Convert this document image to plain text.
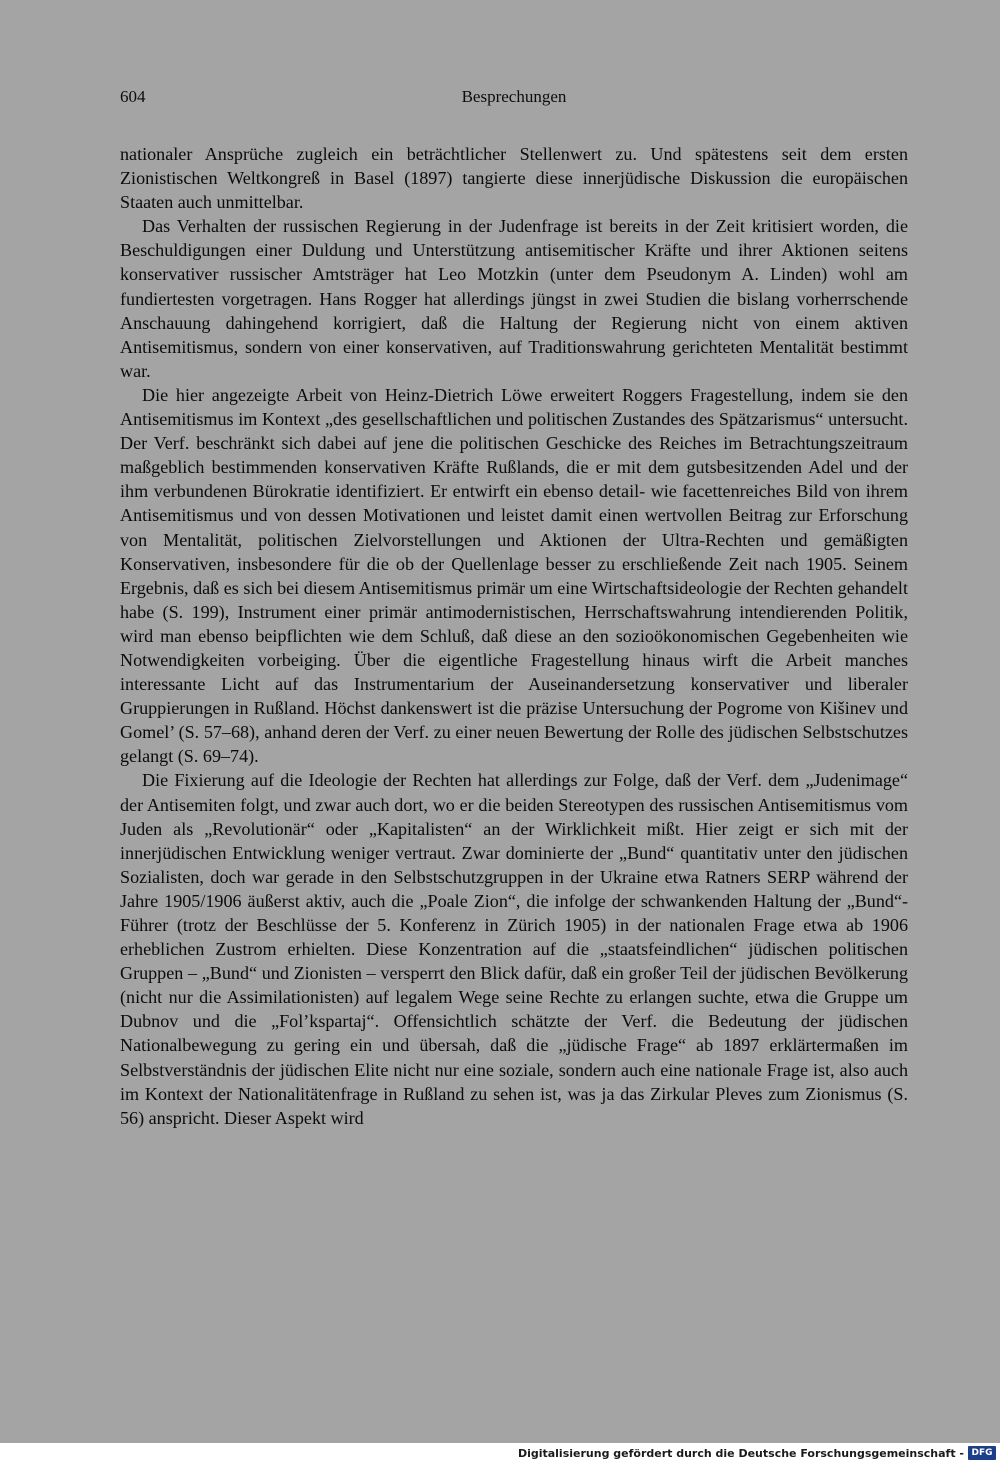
604	Besprechungen

nationaler Ansprüche zugleich ein beträchtlicher Stellenwert zu. Und spätestens seit dem ersten Zionistischen Weltkongreß in Basel (1897) tangierte diese innerjüdische Diskussion die europäischen Staaten auch unmittelbar.

Das Verhalten der russischen Regierung in der Judenfrage ist bereits in der Zeit kritisiert worden, die Beschuldigungen einer Duldung und Unterstützung antisemitischer Kräfte und ihrer Aktionen seitens konservativer russischer Amtsträger hat Leo Motzkin (unter dem Pseudonym A. Linden) wohl am fundiertesten vorgetragen. Hans Rogger hat allerdings jüngst in zwei Studien die bislang vorherrschende Anschauung dahingehend korrigiert, daß die Haltung der Regierung nicht von einem aktiven Antisemitismus, sondern von einer konservativen, auf Traditionswahrung gerichteten Mentalität bestimmt war.

Die hier angezeigte Arbeit von Heinz-Dietrich Löwe erweitert Roggers Fragestellung, indem sie den Antisemitismus im Kontext „des gesellschaftlichen und politischen Zustandes des Spätzarismus“ untersucht. Der Verf. beschränkt sich dabei auf jene die politischen Geschicke des Reiches im Betrachtungszeitraum maßgeblich bestimmenden konservativen Kräfte Rußlands, die er mit dem gutsbesitzenden Adel und der ihm verbundenen Bürokratie identifiziert. Er entwirft ein ebenso detail- wie facettenreiches Bild von ihrem Antisemitismus und von dessen Motivationen und leistet damit einen wertvollen Beitrag zur Erforschung von Mentalität, politischen Zielvorstellungen und Aktionen der Ultra-Rechten und gemäßigten Konservativen, insbesondere für die ob der Quellenlage besser zu erschließende Zeit nach 1905. Seinem Ergebnis, daß es sich bei diesem Antisemitismus primär um eine Wirtschaftsideologie der Rechten gehandelt habe (S. 199), Instrument einer primär antimodernistischen, Herrschaftswahrung intendierenden Politik, wird man ebenso beipflichten wie dem Schluß, daß diese an den sozioökonomischen Gegebenheiten wie Notwendigkeiten vorbeiging. Über die eigentliche Fragestellung hinaus wirft die Arbeit manches interessante Licht auf das Instrumentarium der Auseinandersetzung konservativer und liberaler Gruppierungen in Rußland. Höchst dankenswert ist die präzise Untersuchung der Pogrome von Kišinev und Gomel’ (S. 57–68), anhand deren der Verf. zu einer neuen Bewertung der Rolle des jüdischen Selbstschutzes gelangt (S. 69–74).

Die Fixierung auf die Ideologie der Rechten hat allerdings zur Folge, daß der Verf. dem „Judenimage“ der Antisemiten folgt, und zwar auch dort, wo er die beiden Stereotypen des russischen Antisemitismus vom Juden als „Revolutionär“ oder „Kapitalisten“ an der Wirklichkeit mißt. Hier zeigt er sich mit der innerjüdischen Entwicklung weniger vertraut. Zwar dominierte der „Bund“ quantitativ unter den jüdischen Sozialisten, doch war gerade in den Selbstschutzgruppen in der Ukraine etwa Ratners SERP während der Jahre 1905/1906 äußerst aktiv, auch die „Poale Zion“, die infolge der schwankenden Haltung der „Bund“-Führer (trotz der Beschlüsse der 5. Konferenz in Zürich 1905) in der nationalen Frage etwa ab 1906 erheblichen Zustrom erhielten. Diese Konzentration auf die „staatsfeindlichen“ jüdischen politischen Gruppen – „Bund“ und Zionisten – versperrt den Blick dafür, daß ein großer Teil der jüdischen Bevölkerung (nicht nur die Assimilationisten) auf legalem Wege seine Rechte zu erlangen suchte, etwa die Gruppe um Dubnov und die „Fol’kspartaj“. Offensichtlich schätzte der Verf. die Bedeutung der jüdischen Nationalbewegung zu gering ein und übersah, daß die „jüdische Frage“ ab 1897 erklärtermaßen im Selbstverständnis der jüdischen Elite nicht nur eine soziale, sondern auch eine nationale Frage ist, also auch im Kontext der Nationalitätenfrage in Rußland zu sehen ist, was ja das Zirkular Pleves zum Zionismus (S. 56) anspricht. Dieser Aspekt wird

Digitalisierung gefördert durch die Deutsche Forschungsgemeinschaft - DFG
